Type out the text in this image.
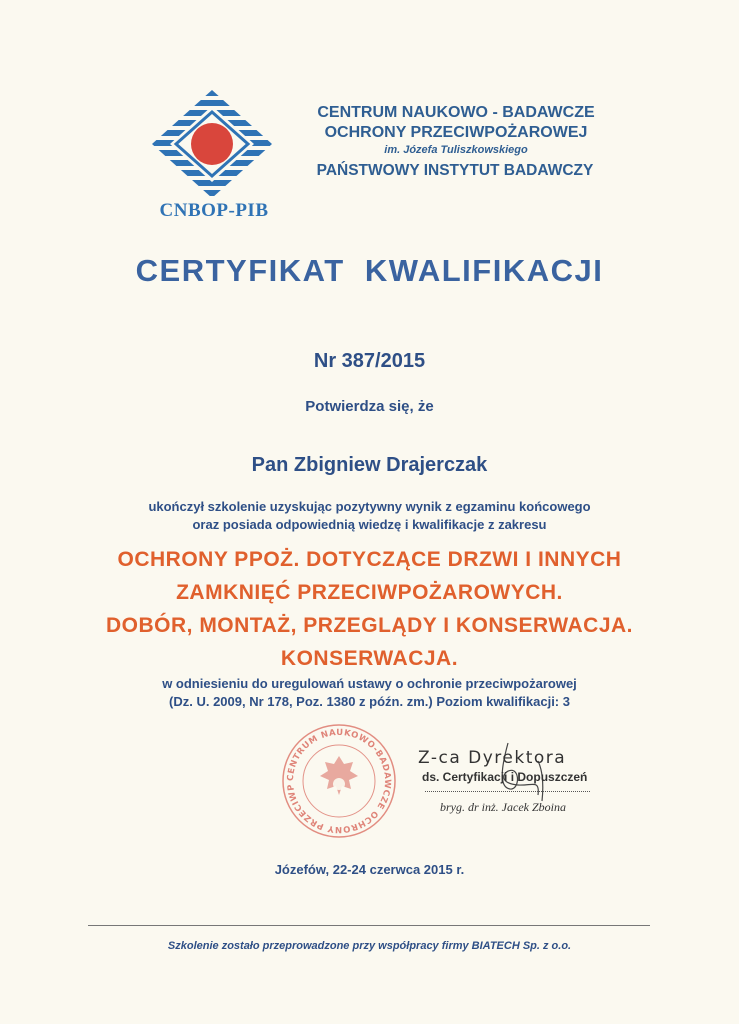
CNBOP-PIB
CENTRUM NAUKOWO - BADAWCZE
OCHRONY PRZECIWPOŻAROWEJ
im. Józefa Tuliszkowskiego
PAŃSTWOWY INSTYTUT BADAWCZY
CERTYFIKAT  KWALIFIKACJI
Nr 387/2015
Potwierdza się, że
Pan Zbigniew Drajerczak
ukończył szkolenie uzyskując pozytywny wynik z egzaminu końcowego
oraz posiada odpowiednią wiedzę i kwalifikacje z zakresu
OCHRONY PPOŻ. DOTYCZĄCE DRZWI I INNYCH
ZAMKNIĘĆ PRZECIWPOŻAROWYCH.
DOBÓR, MONTAŻ, PRZEGLĄDY I KONSERWACJA.
KONSERWACJA.
w odniesieniu do uregulowań ustawy o ochronie przeciwpożarowej
(Dz. U. 2009, Nr 178, Poz. 1380 z późn. zm.) Poziom kwalifikacji: 3
CENTRUM NAUKOWO-BADAWCZE OCHRONY PRZECIWP
Z-ca Dyrektora
ds. Certyfikacji i Dopuszczeń
bryg. dr inż. Jacek Zboina
Józefów, 22-24 czerwca 2015 r.
Szkolenie zostało przeprowadzone przy współpracy firmy BIATECH Sp. z o.o.
